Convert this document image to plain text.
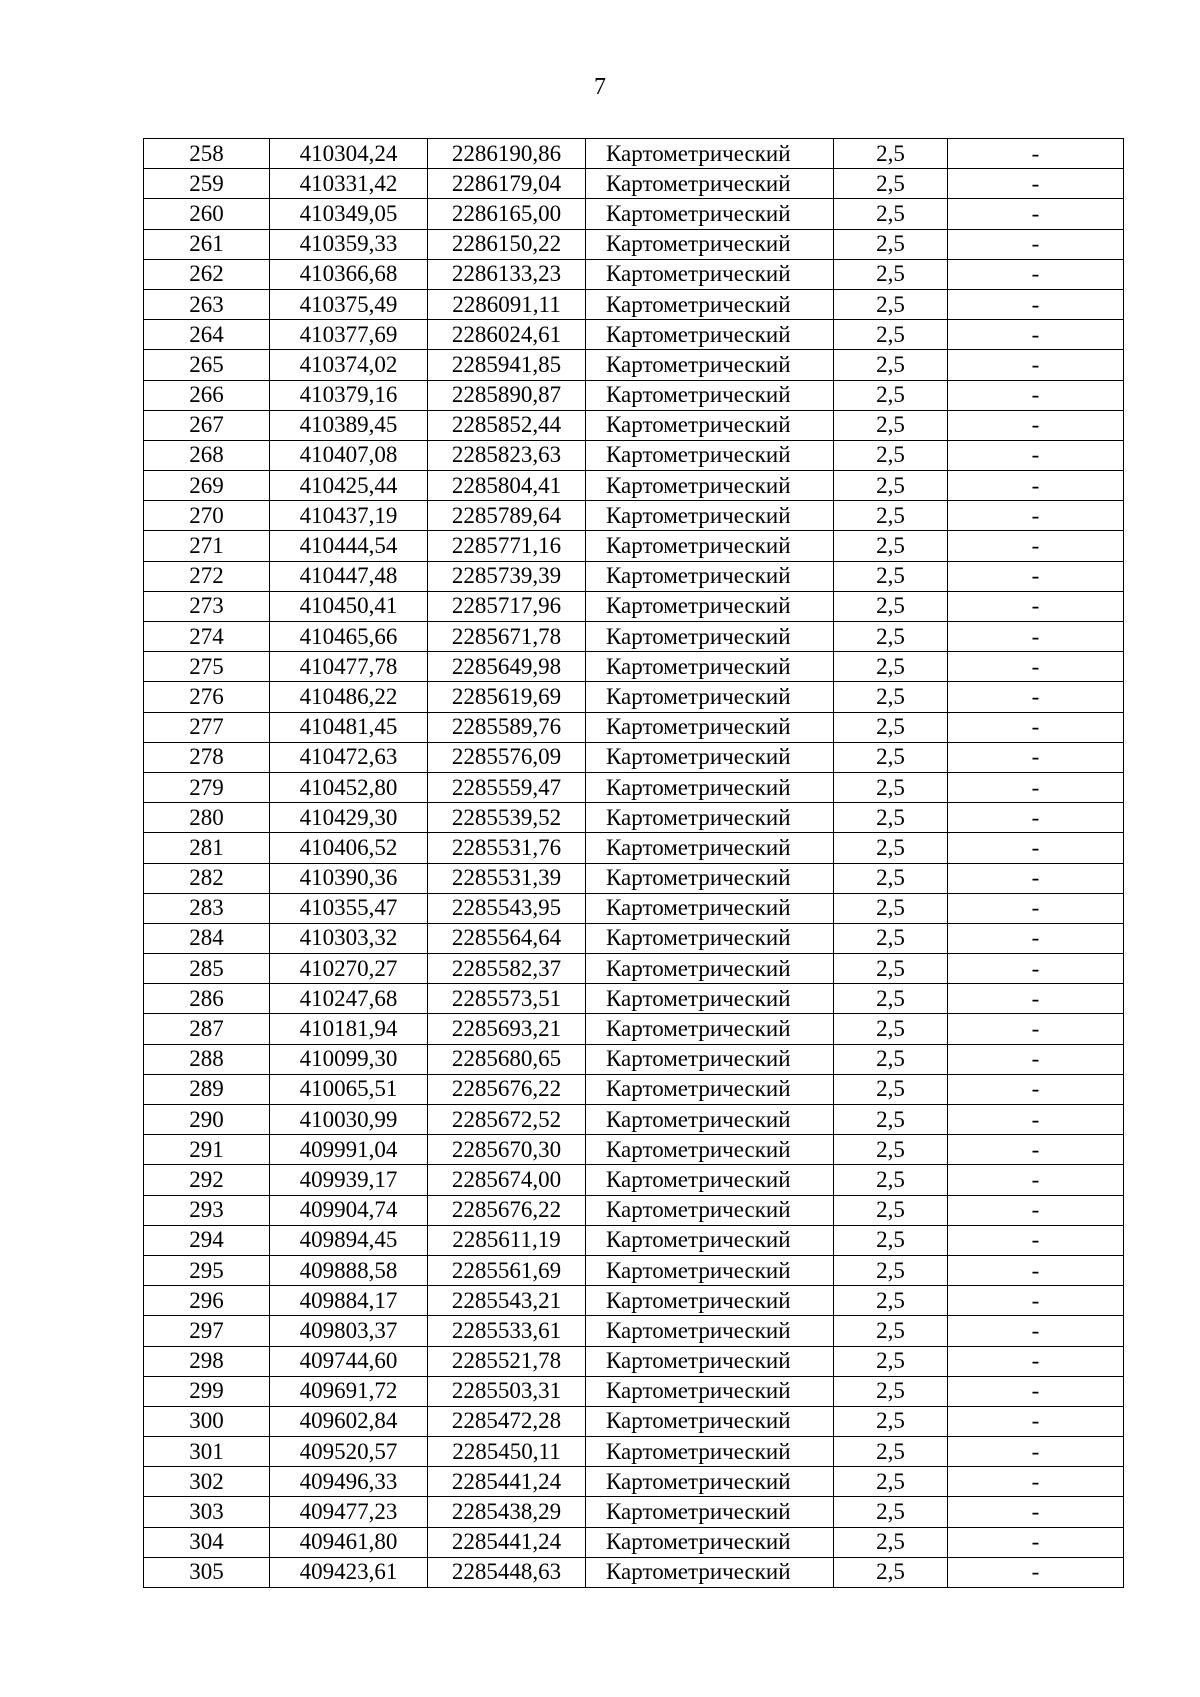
7
258	410304,24	2286190,86	Картометрический	2,5	-
259	410331,42	2286179,04	Картометрический	2,5	-
260	410349,05	2286165,00	Картометрический	2,5	-
261	410359,33	2286150,22	Картометрический	2,5	-
262	410366,68	2286133,23	Картометрический	2,5	-
263	410375,49	2286091,11	Картометрический	2,5	-
264	410377,69	2286024,61	Картометрический	2,5	-
265	410374,02	2285941,85	Картометрический	2,5	-
266	410379,16	2285890,87	Картометрический	2,5	-
267	410389,45	2285852,44	Картометрический	2,5	-
268	410407,08	2285823,63	Картометрический	2,5	-
269	410425,44	2285804,41	Картометрический	2,5	-
270	410437,19	2285789,64	Картометрический	2,5	-
271	410444,54	2285771,16	Картометрический	2,5	-
272	410447,48	2285739,39	Картометрический	2,5	-
273	410450,41	2285717,96	Картометрический	2,5	-
274	410465,66	2285671,78	Картометрический	2,5	-
275	410477,78	2285649,98	Картометрический	2,5	-
276	410486,22	2285619,69	Картометрический	2,5	-
277	410481,45	2285589,76	Картометрический	2,5	-
278	410472,63	2285576,09	Картометрический	2,5	-
279	410452,80	2285559,47	Картометрический	2,5	-
280	410429,30	2285539,52	Картометрический	2,5	-
281	410406,52	2285531,76	Картометрический	2,5	-
282	410390,36	2285531,39	Картометрический	2,5	-
283	410355,47	2285543,95	Картометрический	2,5	-
284	410303,32	2285564,64	Картометрический	2,5	-
285	410270,27	2285582,37	Картометрический	2,5	-
286	410247,68	2285573,51	Картометрический	2,5	-
287	410181,94	2285693,21	Картометрический	2,5	-
288	410099,30	2285680,65	Картометрический	2,5	-
289	410065,51	2285676,22	Картометрический	2,5	-
290	410030,99	2285672,52	Картометрический	2,5	-
291	409991,04	2285670,30	Картометрический	2,5	-
292	409939,17	2285674,00	Картометрический	2,5	-
293	409904,74	2285676,22	Картометрический	2,5	-
294	409894,45	2285611,19	Картометрический	2,5	-
295	409888,58	2285561,69	Картометрический	2,5	-
296	409884,17	2285543,21	Картометрический	2,5	-
297	409803,37	2285533,61	Картометрический	2,5	-
298	409744,60	2285521,78	Картометрический	2,5	-
299	409691,72	2285503,31	Картометрический	2,5	-
300	409602,84	2285472,28	Картометрический	2,5	-
301	409520,57	2285450,11	Картометрический	2,5	-
302	409496,33	2285441,24	Картометрический	2,5	-
303	409477,23	2285438,29	Картометрический	2,5	-
304	409461,80	2285441,24	Картометрический	2,5	-
305	409423,61	2285448,63	Картометрический	2,5	-
